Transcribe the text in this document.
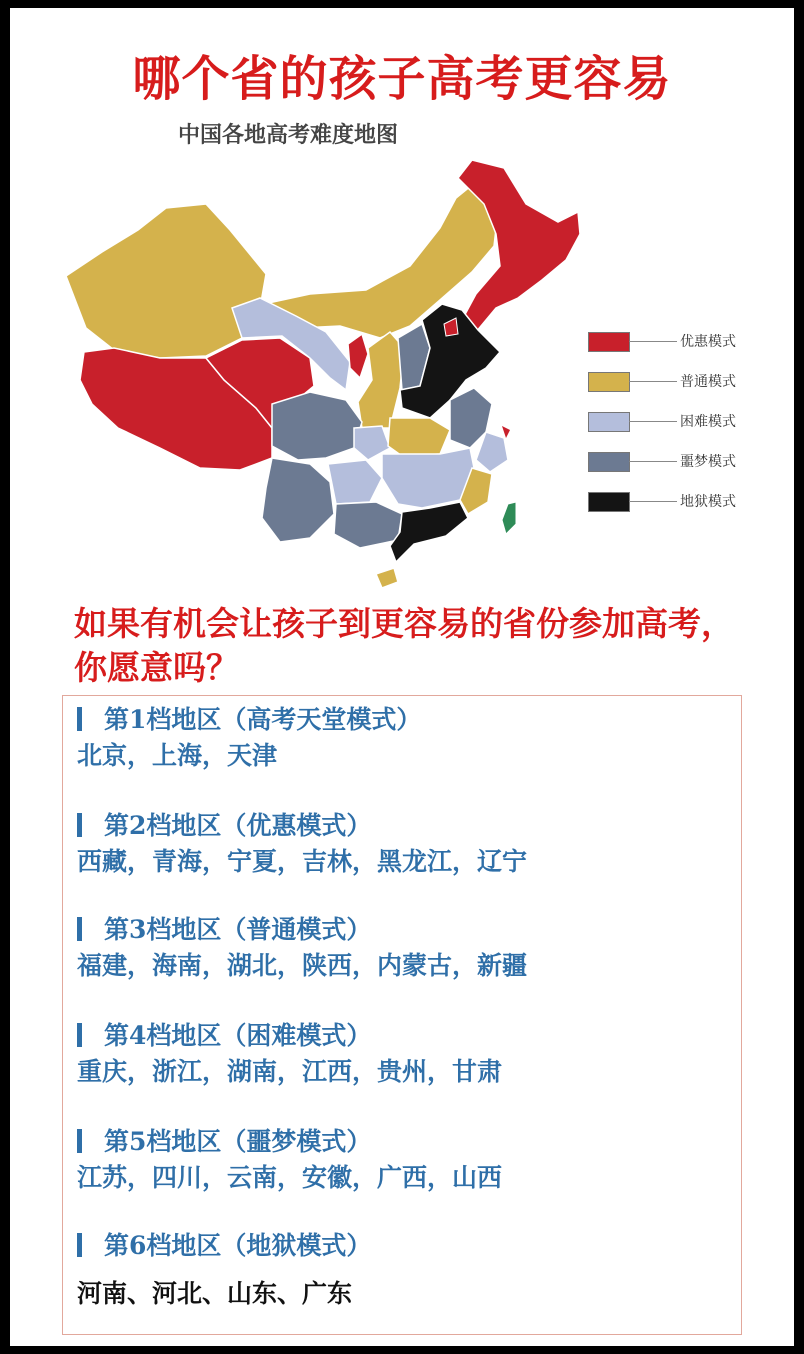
哪个省的孩子高考更容易
中国各地高考难度地图
优惠模式
普通模式
困难模式
噩梦模式
地狱模式
如果有机会让孩子到更容易的省份参加高考，你愿意吗？
第1档地区（高考天堂模式）
北京，上海，天津
第2档地区（优惠模式）
西藏，青海，宁夏，吉林，黑龙江，辽宁
第3档地区（普通模式）
福建，海南，湖北，陕西，内蒙古，新疆
第4档地区（困难模式）
重庆，浙江，湖南，江西，贵州，甘肃
第5档地区（噩梦模式）
江苏，四川，云南，安徽，广西，山西
第6档地区（地狱模式）
河南、河北、山东、广东
